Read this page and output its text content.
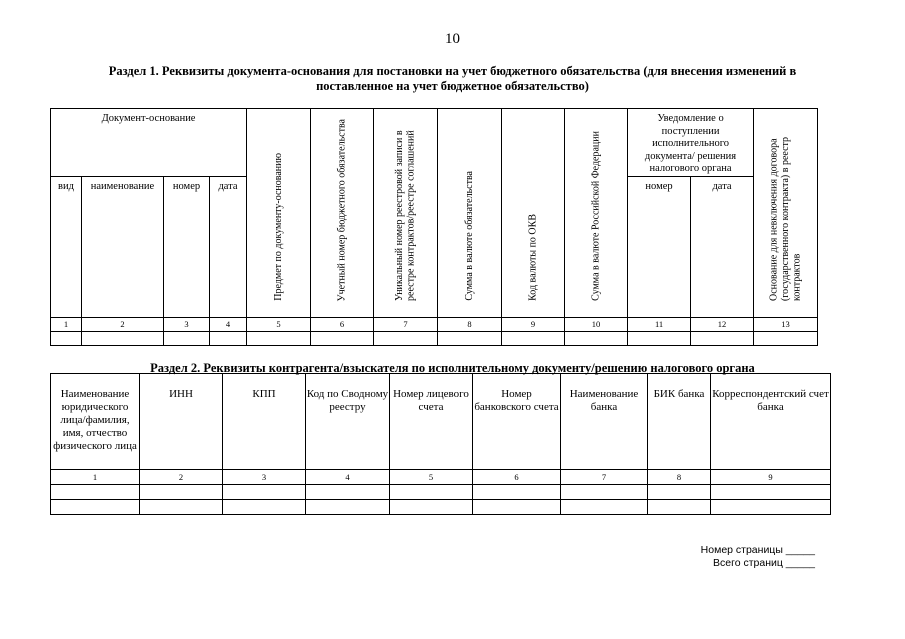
10
Раздел 1. Реквизиты документа-основания для постановки на учет бюджетного обязательства (для внесения изменений в поставленное на учет бюджетное обязательство)
Документ-основание				Предмет по документу-основанию	Учетный номер бюджетного обязательства	Уникальный номер реестровой записи в реестре контрактов/реестре соглашений	Сумма в валюте обязательства	Код валюты по ОКВ	Сумма в валюте Российской Федерации	Уведомление о поступлении исполнительного документа/ решения налогового органа		Основание для невключения договора (государственного контракта) в реестр контрактов

вид	наименование	номер	дата							номер	дата	
1	2	3	4	5	6	7	8	9	10	11	12	13

Раздел 2. Реквизиты контрагента/взыскателя по исполнительному документу/решению налогового органа
Наименование юридического лица/фамилия, имя, отчество физического лица	ИНН	КПП	Код по Сводному реестру	Номер лицевого счета	Номер банковского счета	Наименование банка	БИК банка	Корреспондентский счет банка
1	2	3	4	5	6	7	8	9

Номер страницы _____
Всего страниц _____
